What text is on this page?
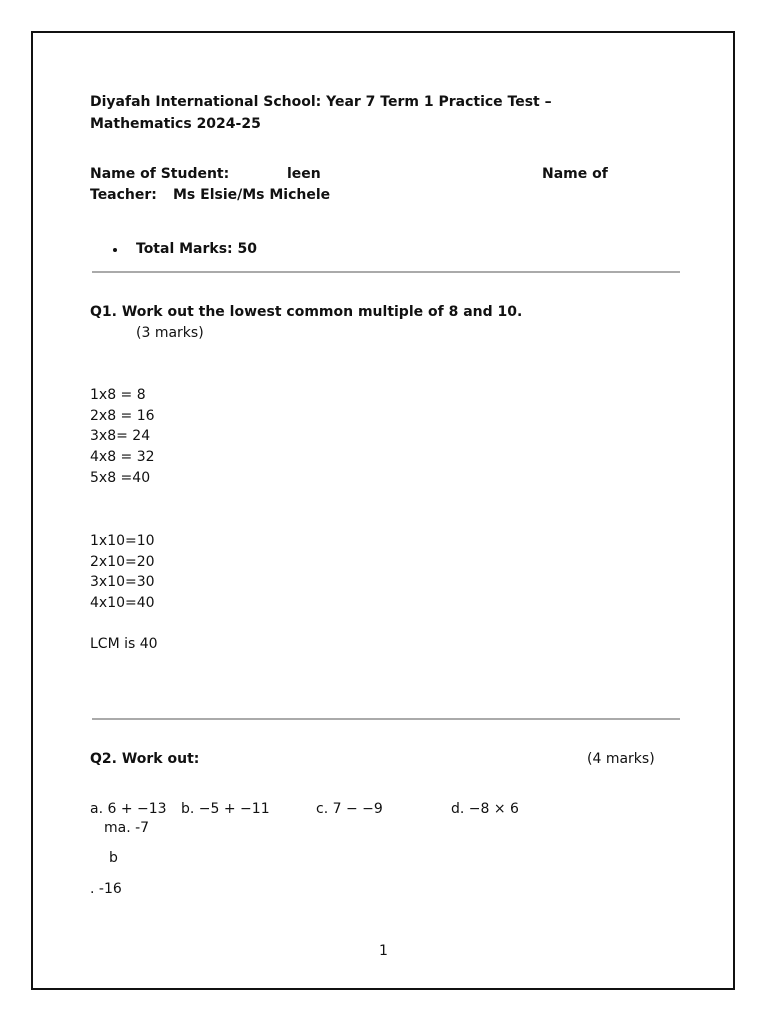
Diyafah International School: Year 7 Term 1 Practice Test –
Mathematics 2024-25
Name of Student:	leen	Name of
Teacher: Ms Elsie/Ms Michele
Total Marks: 50
Q1. Work out the lowest common multiple of 8 and 10.
(3 marks)
1x8 = 8
2x8 = 16
3x8= 24
4x8 = 32
5x8 =40
1x10=10
2x10=20
3x10=30
4x10=40
LCM is 40
Q2. Work out:	(4 marks)
a. 6 + −13 b. −5 + −11	c. 7 − −9	d. −8 × 6
ma. -7
b
. -16
1
